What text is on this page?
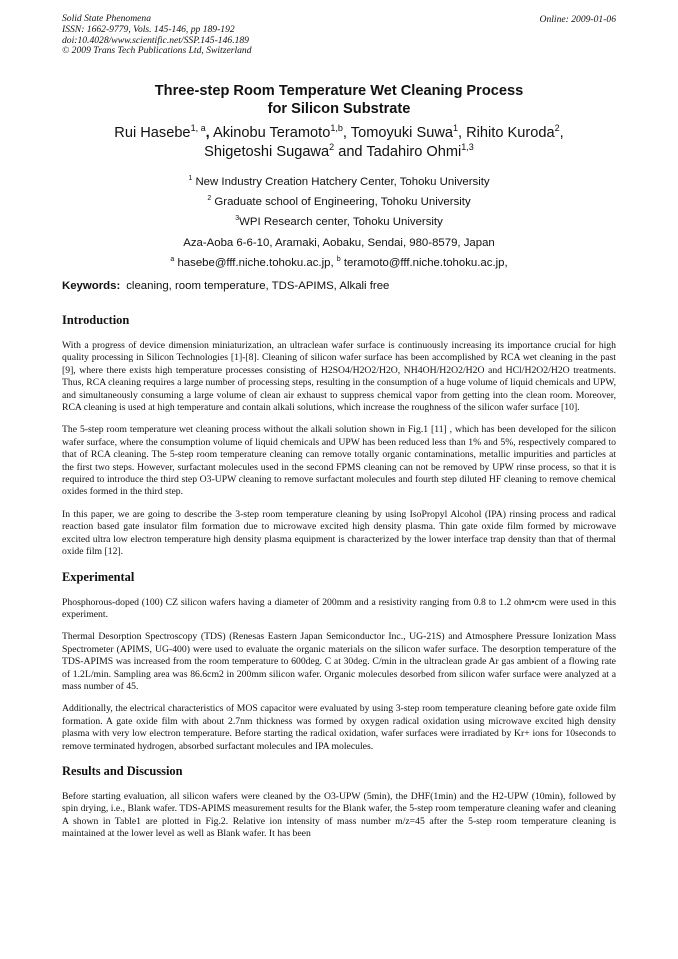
Solid State Phenomena
ISSN: 1662-9779, Vols. 145-146, pp 189-192
doi:10.4028/www.scientific.net/SSP.145-146.189
© 2009 Trans Tech Publications Ltd, Switzerland
Online: 2009-01-06
Three-step Room Temperature Wet Cleaning Process
for Silicon Substrate
Rui Hasebe$^{1, a}$, Akinobu Teramoto$^{1,b}$, Tomoyuki Suwa$^1$, Rihito Kuroda$^2$,
Shigetoshi Sugawa$^2$ and Tadahiro Ohmi$^{1,3}$
$^1$ New Industry Creation Hatchery Center, Tohoku University
$^2$ Graduate school of Engineering, Tohoku University
$^3$WPI Research center, Tohoku University
Aza-Aoba 6-6-10, Aramaki, Aobaku, Sendai, 980-8579, Japan
$^a$ hasebe@fff.niche.tohoku.ac.jp, $^b$ teramoto@fff.niche.tohoku.ac.jp,
Keywords: cleaning, room temperature, TDS-APIMS, Alkali free
Introduction

With a progress of device dimension miniaturization, an ultraclean wafer surface is continuously increasing its importance crucial for high quality processing in Silicon Technologies [1]-[8]. Cleaning of silicon wafer surface has been accomplished by RCA wet cleaning in the past [9], where there exists high temperature processes consisting of H2SO4/H2O2/H2O, NH4OH/H2O2/H2O and HCl/H2O2/H2O treatments. Thus, RCA cleaning requires a large number of processing steps, resulting in the consumption of a huge volume of liquid chemicals and UPW, and simultaneously consuming a large volume of clean air exhaust to suppress chemical vapor from getting into the clean room. Moreover, RCA cleaning is used at high temperature and contain alkali solutions, which increase the roughness of the silicon wafer surface [10].

The 5-step room temperature wet cleaning process without the alkali solution shown in Fig.1 [11] , which has been developed for the silicon wafer surface, where the consumption volume of liquid chemicals and UPW has been reduced less than 1% and 5%, respectively compared to that of RCA cleaning. The 5-step room temperature cleaning can remove totally organic contaminations, metallic impurities and particles at the first two steps. However, surfactant molecules used in the second FPMS cleaning can not be removed by UPW rinse process, so that it is required to introduce the third step O3-UPW cleaning to remove surfactant molecules and fourth step diluted HF cleaning to remove chemical oxides formed in the third step.

In this paper, we are going to describe the 3-step room temperature cleaning by using IsoPropyl Alcohol (IPA) rinsing process and radical reaction based gate insulator film formation due to microwave excited high density plasma. Thin gate oxide film formed by microwave excited ultra low electron temperature high density plasma equipment is characterized by the lower interface trap density than that of thermal oxide film [12].

Experimental

Phosphorous-doped (100) CZ silicon wafers having a diameter of 200mm and a resistivity ranging from 0.8 to 1.2 ohm•cm were used in this experiment.

Thermal Desorption Spectroscopy (TDS) (Renesas Eastern Japan Semiconductor Inc., UG-21S) and Atmosphere Pressure Ionization Mass Spectrometer (APIMS, UG-400) were used to evaluate the organic materials on the silicon wafer surface. The desorption temperature of the TDS-APIMS was increased from the room temperature to 600deg. C at 30deg. C/min in the ultraclean grade Ar gas ambient of a flowing rate of 1.2L/min. Sampling area was 86.6cm2 in 200mm silicon wafer. Organic molecules desorbed from silicon wafer surface were analyzed at a mass number of 45.

Additionally, the electrical characteristics of MOS capacitor were evaluated by using 3-step room temperature cleaning before gate oxide film formation. A gate oxide film with about 2.7nm thickness was formed by oxygen radical oxidation using microwave excited high density plasma with very low electron temperature. Before starting the radical oxidation, wafer surfaces were irradiated by Kr+ ions for 10seconds to remove terminated hydrogen, absorbed surfactant molecules and IPA molecules.

Results and Discussion

Before starting evaluation, all silicon wafers were cleaned by the O3-UPW (5min), the DHF(1min) and the H2-UPW (10min), followed by spin drying, i.e., Blank wafer. TDS-APIMS measurement results for the Blank wafer, the 5-step room temperature cleaning wafer and cleaning A shown in Table1 are plotted in Fig.2. Relative ion intensity of mass number m/z=45 after the 5-step room temperature cleaning is maintained at the lower level as well as Blank wafer. It has been
